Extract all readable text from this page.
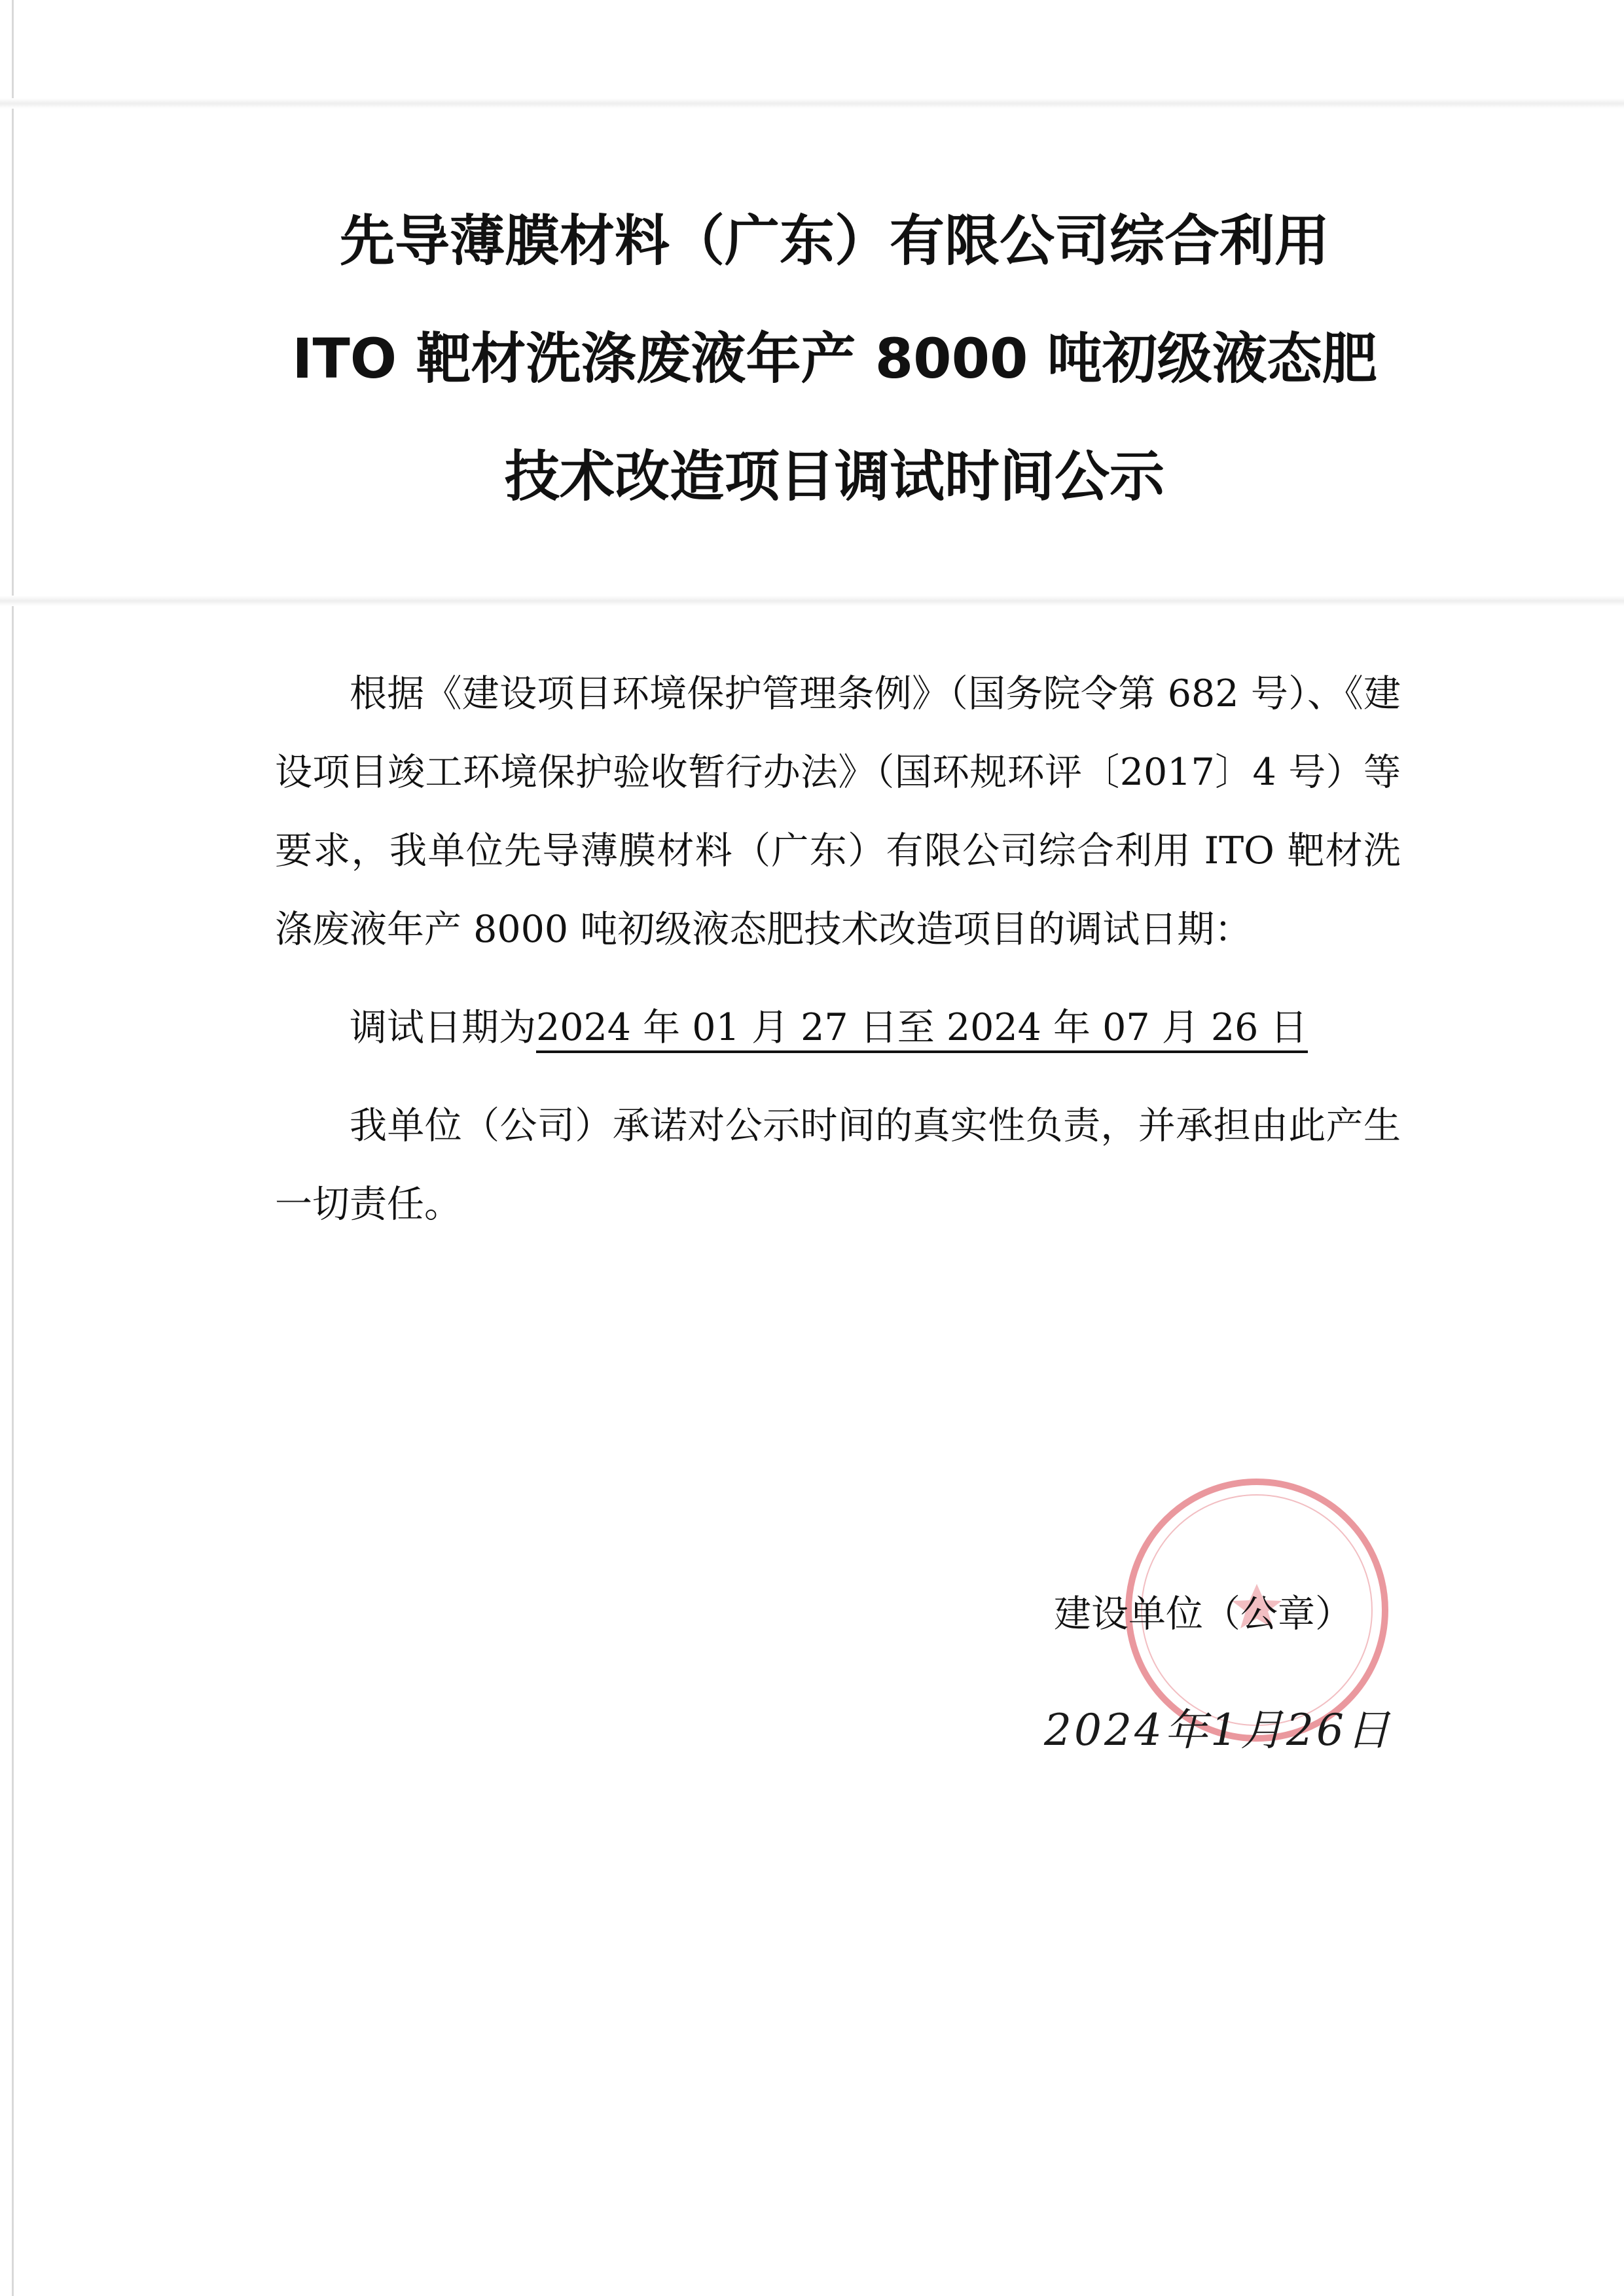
先导薄膜材料（广东）有限公司综合利用
ITO 靶材洗涤废液年产 8000 吨初级液态肥
技术改造项目调试时间公示

根据《建设项目环境保护管理条例》（国务院令第 682 号）、《建设项目竣工环境保护验收暂行办法》（国环规环评〔2017〕4 号）等要求，我单位先导薄膜材料（广东）有限公司综合利用 ITO 靶材洗涤废液年产 8000 吨初级液态肥技术改造项目的调试日期：

调试日期为2024 年 01 月 27 日至 2024 年 07 月 26 日

我单位（公司）承诺对公示时间的真实性负责，并承担由此产生一切责任。

建设单位（公章）
2024年1月26日
